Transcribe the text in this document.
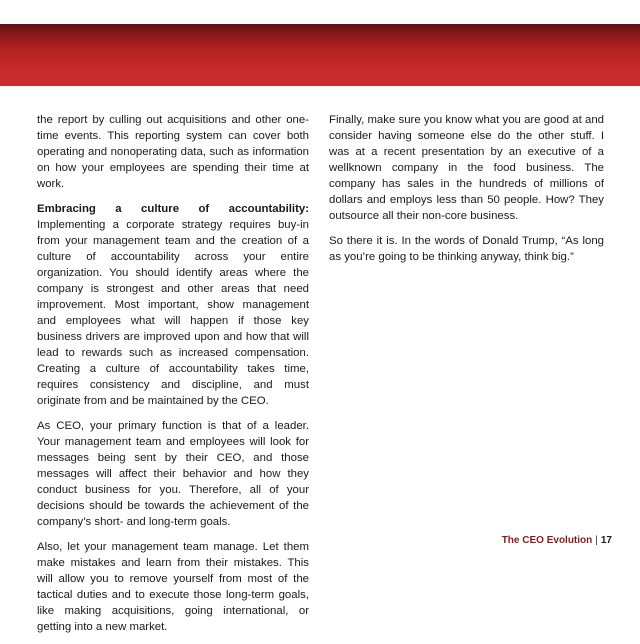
the report by culling out acquisitions and other one-time events. This reporting system can cover both operating and nonoperating data, such as information on how your employees are spending their time at work.

Embracing a culture of accountability: Implementing a corporate strategy requires buy-in from your management team and the creation of a culture of accountability across your entire organization. You should identify areas where the company is strongest and other areas that need improvement. Most important, show management and employees what will happen if those key business drivers are improved upon and how that will lead to rewards such as increased compensation. Creating a culture of accountability takes time, requires consistency and discipline, and must originate from and be maintained by the CEO.

As CEO, your primary function is that of a leader. Your management team and employees will look for messages being sent by their CEO, and those messages will affect their behavior and how they conduct business for you. Therefore, all of your decisions should be towards the achievement of the company’s short- and long-term goals.

Also, let your management team manage. Let them make mistakes and learn from their mistakes. This will allow you to remove yourself from most of the tactical duties and to execute those long-term goals, like making acquisitions, going international, or getting into a new market.

Finally, make sure you know what you are good at and consider having someone else do the other stuff. I was at a recent presentation by an executive of a wellknown company in the food business. The company has sales in the hundreds of millions of dollars and employs less than 50 people. How? They outsource all their non-core business.

So there it is. In the words of Donald Trump, “As long as you’re going to be thinking anyway, think big.”

The CEO Evolution | 17
